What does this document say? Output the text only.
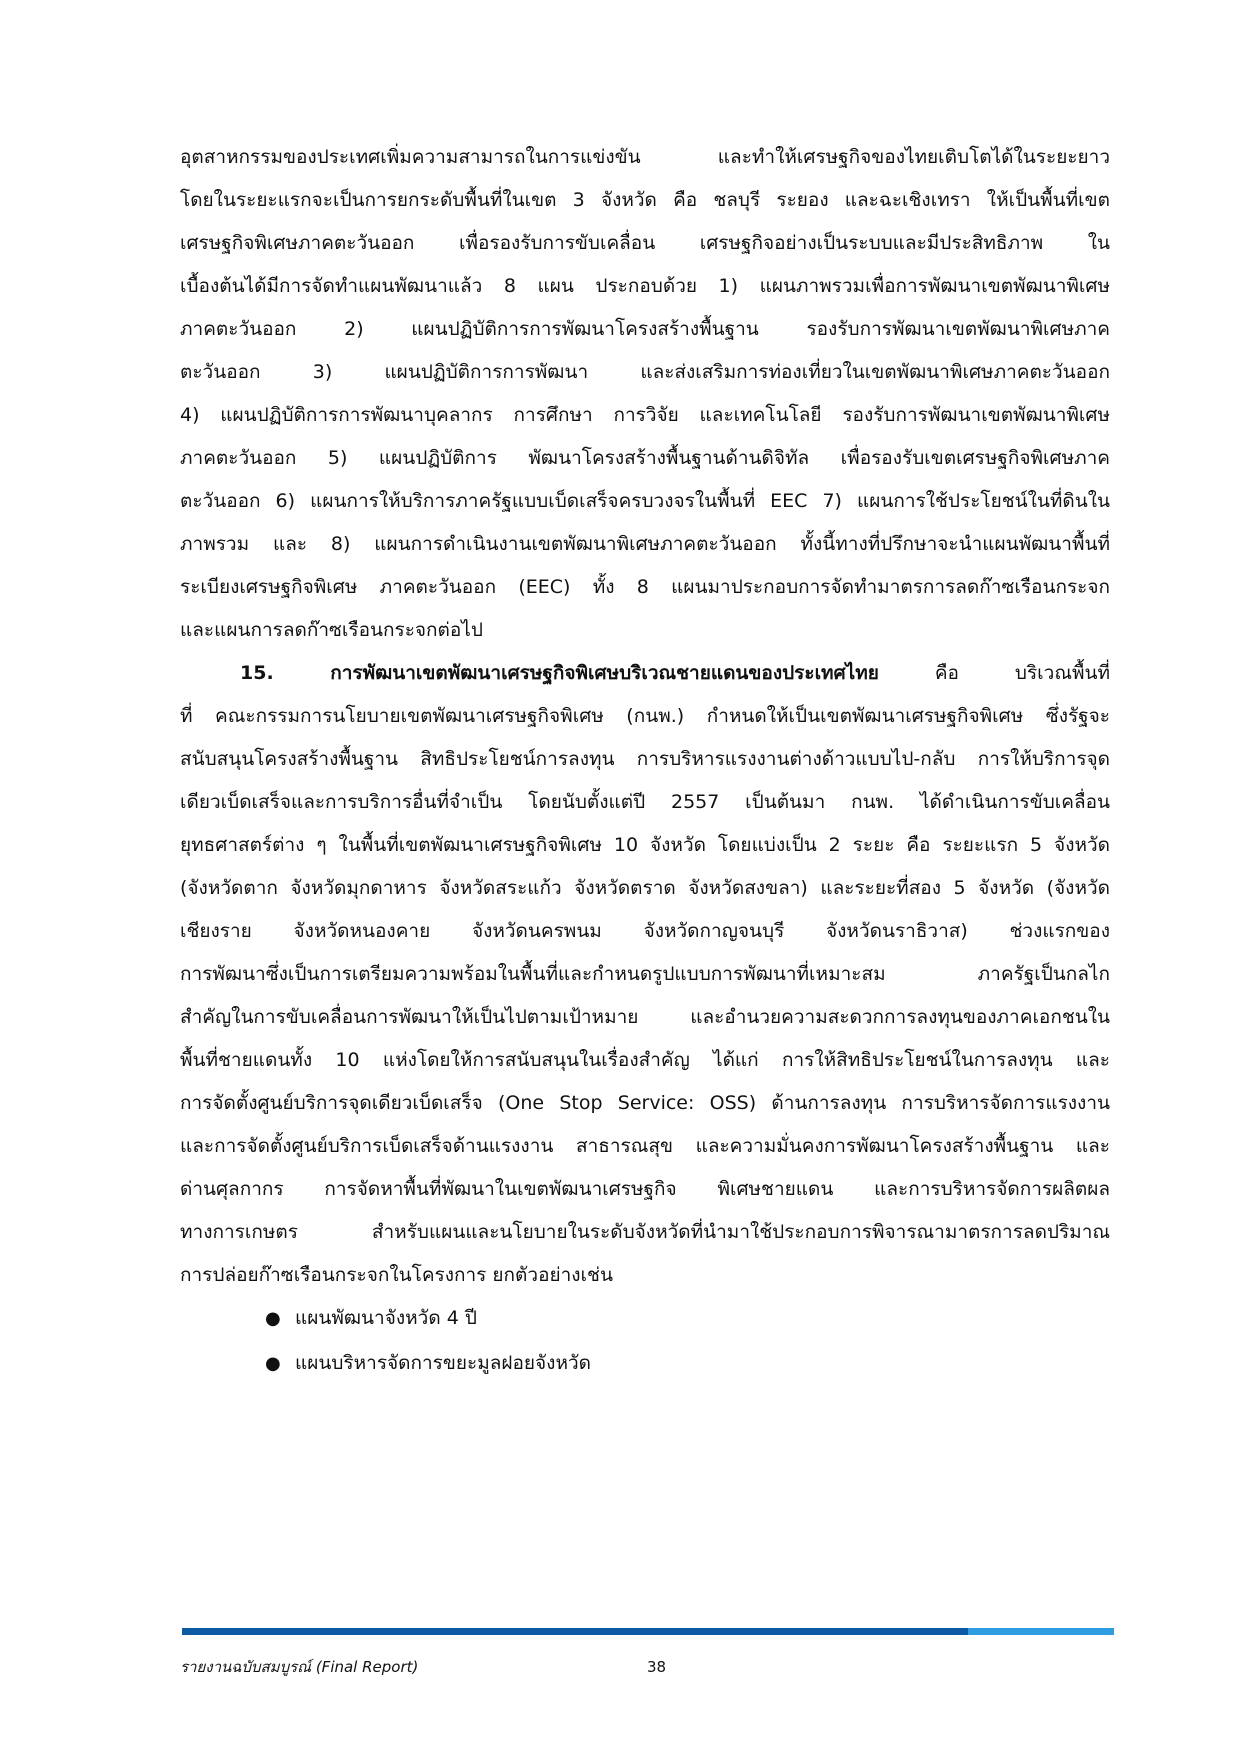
อุตสาหกรรมของประเทศเพิ่มความสามารถในการแข่งขัน และทำให้เศรษฐกิจของไทยเติบโตได้ในระยะยาว
โดยในระยะแรกจะเป็นการยกระดับพื้นที่ในเขต 3 จังหวัด คือ ชลบุรี ระยอง และฉะเชิงเทรา ให้เป็นพื้นที่เขต
เศรษฐกิจพิเศษภาคตะวันออก เพื่อรองรับการขับเคลื่อน เศรษฐกิจอย่างเป็นระบบและมีประสิทธิภาพ ใน
เบื้องต้นได้มีการจัดทำแผนพัฒนาแล้ว 8 แผน ประกอบด้วย 1) แผนภาพรวมเพื่อการพัฒนาเขตพัฒนาพิเศษ
ภาคตะวันออก 2) แผนปฏิบัติการการพัฒนาโครงสร้างพื้นฐาน รองรับการพัฒนาเขตพัฒนาพิเศษภาค
ตะวันออก 3) แผนปฏิบัติการการพัฒนา และส่งเสริมการท่องเที่ยวในเขตพัฒนาพิเศษภาคตะวันออก
4) แผนปฏิบัติการการพัฒนาบุคลากร การศึกษา การวิจัย และเทคโนโลยี รองรับการพัฒนาเขตพัฒนาพิเศษ
ภาคตะวันออก 5) แผนปฏิบัติการ พัฒนาโครงสร้างพื้นฐานด้านดิจิทัล เพื่อรองรับเขตเศรษฐกิจพิเศษภาค
ตะวันออก 6) แผนการให้บริการภาครัฐแบบเบ็ดเสร็จครบวงจรในพื้นที่ EEC 7) แผนการใช้ประโยชน์ในที่ดินใน
ภาพรวม และ 8) แผนการดำเนินงานเขตพัฒนาพิเศษภาคตะวันออก ทั้งนี้ทางที่ปรึกษาจะนำแผนพัฒนาพื้นที่
ระเบียงเศรษฐกิจพิเศษ ภาคตะวันออก (EEC) ทั้ง 8 แผนมาประกอบการจัดทำมาตรการลดก๊าซเรือนกระจก
และแผนการลดก๊าซเรือนกระจกต่อไป
15. การพัฒนาเขตพัฒนาเศรษฐกิจพิเศษบริเวณชายแดนของประเทศไทย คือ บริเวณพื้นที่
ที่ คณะกรรมการนโยบายเขตพัฒนาเศรษฐกิจพิเศษ (กนพ.) กำหนดให้เป็นเขตพัฒนาเศรษฐกิจพิเศษ ซึ่งรัฐจะ
สนับสนุนโครงสร้างพื้นฐาน สิทธิประโยชน์การลงทุน การบริหารแรงงานต่างด้าวแบบไป-กลับ การให้บริการจุด
เดียวเบ็ดเสร็จและการบริการอื่นที่จำเป็น โดยนับตั้งแต่ปี 2557 เป็นต้นมา กนพ. ได้ดำเนินการขับเคลื่อน
ยุทธศาสตร์ต่าง ๆ ในพื้นที่เขตพัฒนาเศรษฐกิจพิเศษ 10 จังหวัด โดยแบ่งเป็น 2 ระยะ คือ ระยะแรก 5 จังหวัด
(จังหวัดตาก จังหวัดมุกดาหาร จังหวัดสระแก้ว จังหวัดตราด จังหวัดสงขลา) และระยะที่สอง 5 จังหวัด (จังหวัด
เชียงราย จังหวัดหนองคาย จังหวัดนครพนม จังหวัดกาญจนบุรี จังหวัดนราธิวาส) ช่วงแรกของ
การพัฒนาซึ่งเป็นการเตรียมความพร้อมในพื้นที่และกำหนดรูปแบบการพัฒนาที่เหมาะสม ภาครัฐเป็นกลไก
สำคัญในการขับเคลื่อนการพัฒนาให้เป็นไปตามเป้าหมาย และอำนวยความสะดวกการลงทุนของภาคเอกชนใน
พื้นที่ชายแดนทั้ง 10 แห่งโดยให้การสนับสนุนในเรื่องสำคัญ ได้แก่ การให้สิทธิประโยชน์ในการลงทุน และ
การจัดตั้งศูนย์บริการจุดเดียวเบ็ดเสร็จ (One Stop Service: OSS) ด้านการลงทุน การบริหารจัดการแรงงาน
และการจัดตั้งศูนย์บริการเบ็ดเสร็จด้านแรงงาน สาธารณสุข และความมั่นคงการพัฒนาโครงสร้างพื้นฐาน และ
ด่านศุลกากร การจัดหาพื้นที่พัฒนาในเขตพัฒนาเศรษฐกิจ พิเศษชายแดน และการบริหารจัดการผลิตผล
ทางการเกษตร สำหรับแผนและนโยบายในระดับจังหวัดที่นำมาใช้ประกอบการพิจารณามาตรการลดปริมาณ
การปล่อยก๊าซเรือนกระจกในโครงการ ยกตัวอย่างเช่น
● แผนพัฒนาจังหวัด 4 ปี
● แผนบริหารจัดการขยะมูลฝอยจังหวัด
รายงานฉบับสมบูรณ์ (Final Report)	38
